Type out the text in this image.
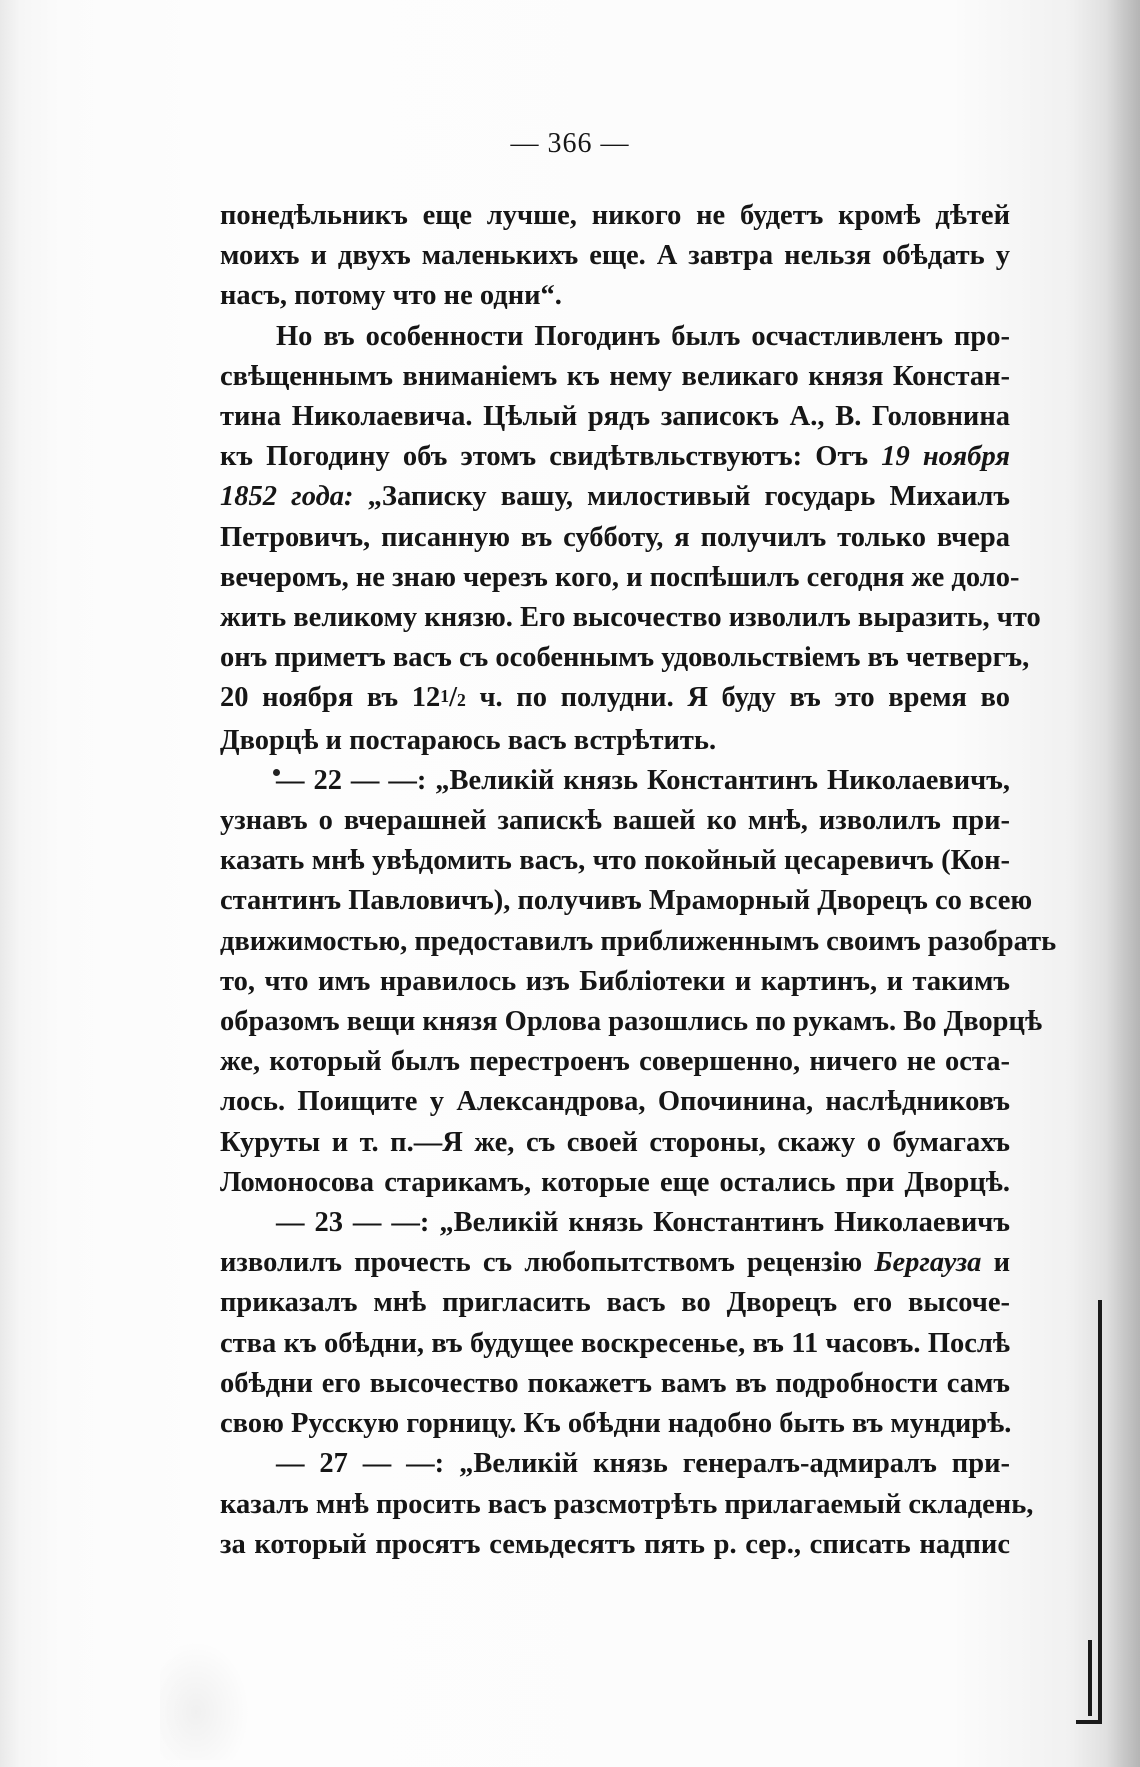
— 366 —
понедѣльникъ еще лучше, никого не будетъ кромѣ дѣтей
моихъ и двухъ маленькихъ еще. А завтра нельзя обѣдать у
насъ, потому что не одни“.
Но въ особенности Погодинъ былъ осчастливленъ про-
свѣщеннымъ вниманіемъ къ нему великаго князя Констан-
тина Николаевича. Цѣлый рядъ записокъ А., В. Головнина
къ Погодину объ этомъ свидѣтвльствуютъ: Отъ 19 ноября
1852 года: „Записку вашу, милостивый государь Михаилъ
Петровичъ, писанную въ субботу, я получилъ только вчера
вечеромъ, не знаю черезъ кого, и поспѣшилъ сегодня же доло-
жить великому князю. Его высочество изволилъ выразить, что
онъ приметъ васъ съ особеннымъ удовольствіемъ въ четвергъ,
20 ноября въ $12^1/2$ ч. по полудни. Я буду въ это время во
Дворцѣ и постараюсь васъ встрѣтить.
— 22 — —: „Великій князь Константинъ Николаевичъ,
узнавъ о вчерашней запискѣ вашей ко мнѣ, изволилъ при-
казать мнѣ увѣдомить васъ, что покойный цесаревичъ (Кон-
стантинъ Павловичъ), получивъ Мраморный Дворецъ со всею
движимостью, предоставилъ приближеннымъ своимъ разобрать
то, что имъ нравилось изъ Библіотеки и картинъ, и такимъ
образомъ вещи князя Орлова разошлись по рукамъ. Во Дворцѣ
же, который былъ перестроенъ совершенно, ничего не оста-
лось. Поищите у Александрова, Опочинина, наслѣдниковъ
Куруты и т. п.—Я же, съ своей стороны, скажу о бумагахъ
Ломоносова старикамъ, которые еще остались при Дворцѣ.
— 23 — —: „Великій князь Константинъ Николаевичъ
изволилъ прочесть съ любопытствомъ рецензію Бергауза и
приказалъ мнѣ пригласить васъ во Дворецъ его высоче-
ства къ обѣдни, въ будущее воскресенье, въ 11 часовъ. Послѣ
обѣдни его высочество покажетъ вамъ въ подробности самъ
свою Русскую горницу. Къ обѣдни надобно быть въ мундирѣ.
— 27 — —: „Великій князь генералъ-адмиралъ при-
казалъ мнѣ просить васъ разсмотрѣть прилагаемый складень,
за который просятъ семьдесятъ пять р. сер., списать надпис
